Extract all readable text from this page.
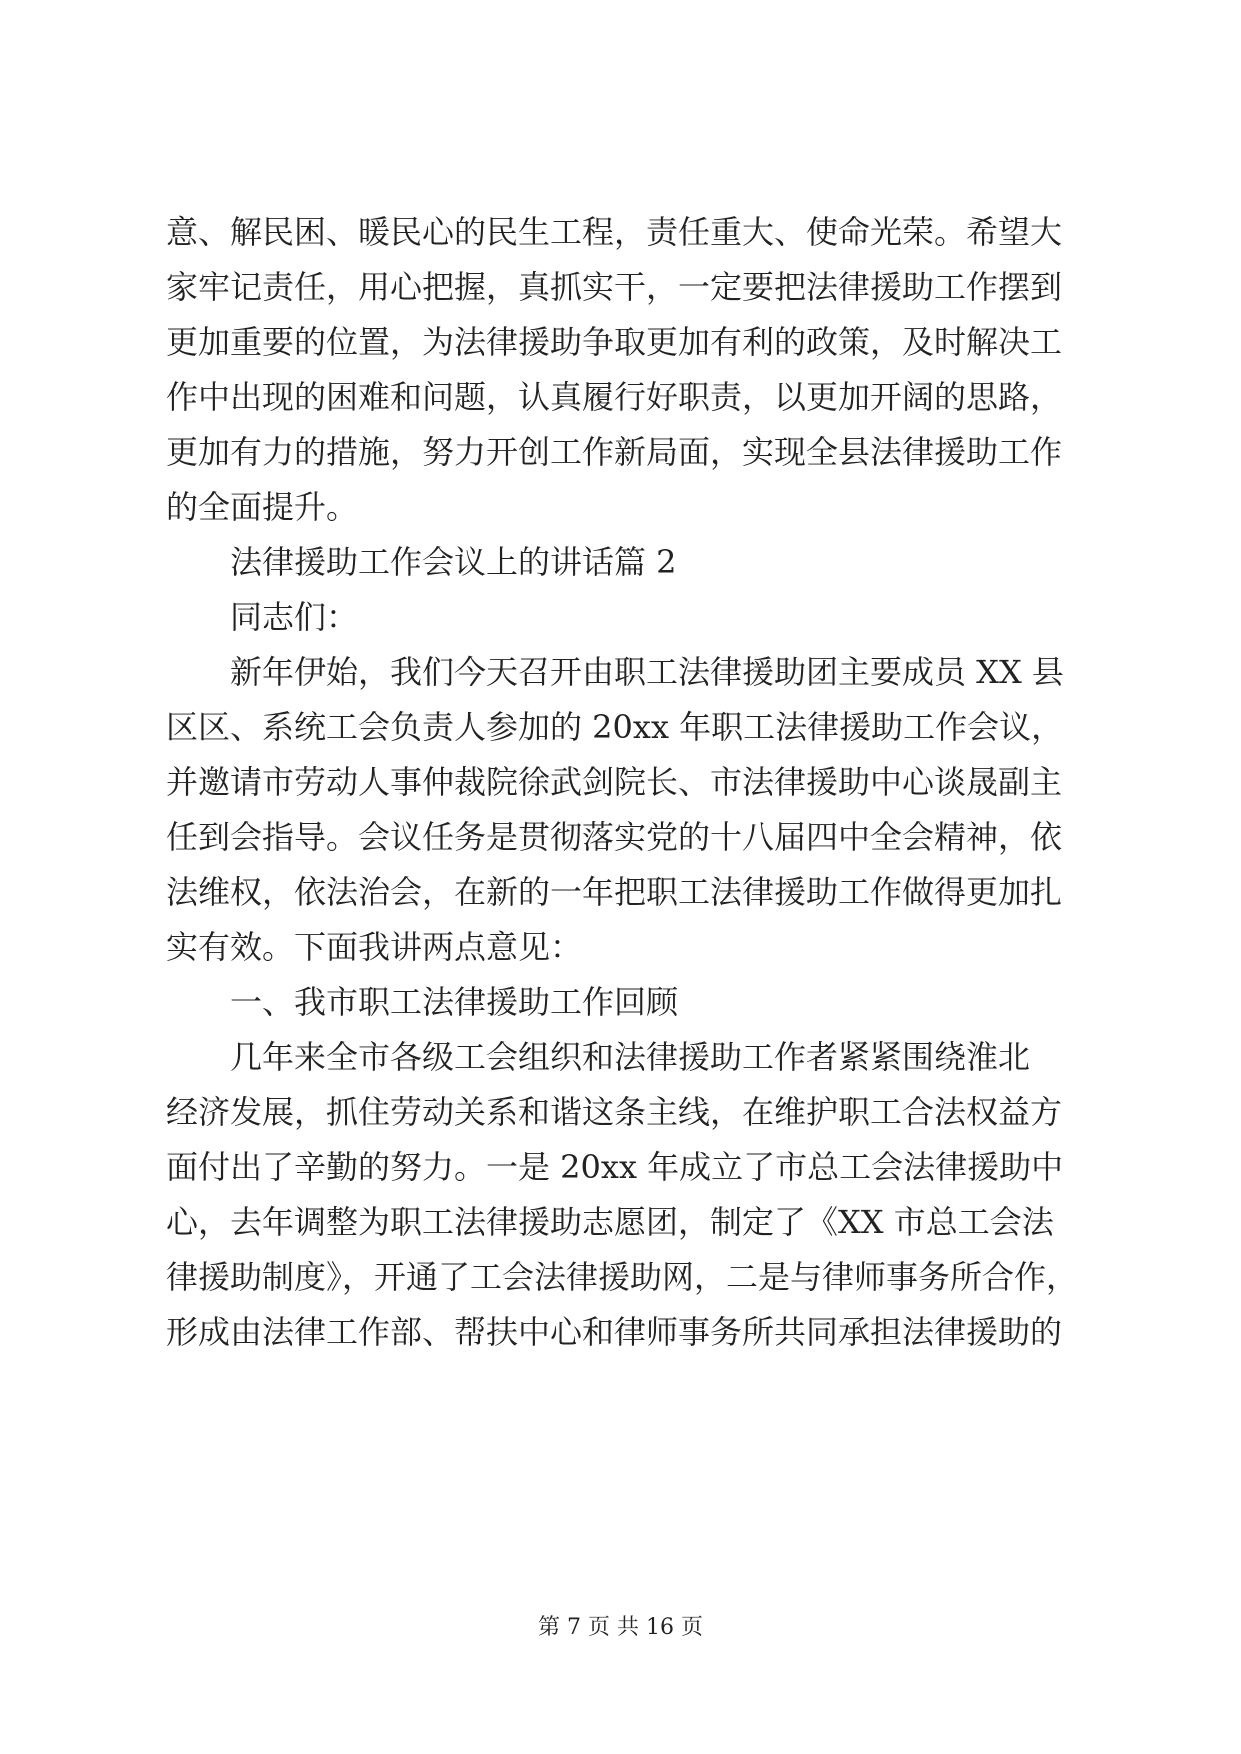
意、解民困、暖民心的民生工程，责任重大、使命光荣。希望大
家牢记责任，用心把握，真抓实干，一定要把法律援助工作摆到
更加重要的位置，为法律援助争取更加有利的政策，及时解决工
作中出现的困难和问题，认真履行好职责，以更加开阔的思路，
更加有力的措施，努力开创工作新局面，实现全县法律援助工作
的全面提升。
法律援助工作会议上的讲话篇 2
同志们：
新年伊始，我们今天召开由职工法律援助团主要成员 XX 县
区区、系统工会负责人参加的 20xx 年职工法律援助工作会议，
并邀请市劳动人事仲裁院徐武剑院长、市法律援助中心谈晟副主
任到会指导。会议任务是贯彻落实党的十八届四中全会精神，依
法维权，依法治会，在新的一年把职工法律援助工作做得更加扎
实有效。下面我讲两点意见：
一、我市职工法律援助工作回顾
几年来全市各级工会组织和法律援助工作者紧紧围绕淮北
经济发展，抓住劳动关系和谐这条主线，在维护职工合法权益方
面付出了辛勤的努力。一是 20xx 年成立了市总工会法律援助中
心，去年调整为职工法律援助志愿团，制定了《XX 市总工会法
律援助制度》，开通了工会法律援助网，二是与律师事务所合作，
形成由法律工作部、帮扶中心和律师事务所共同承担法律援助的
第 7 页 共 16 页
